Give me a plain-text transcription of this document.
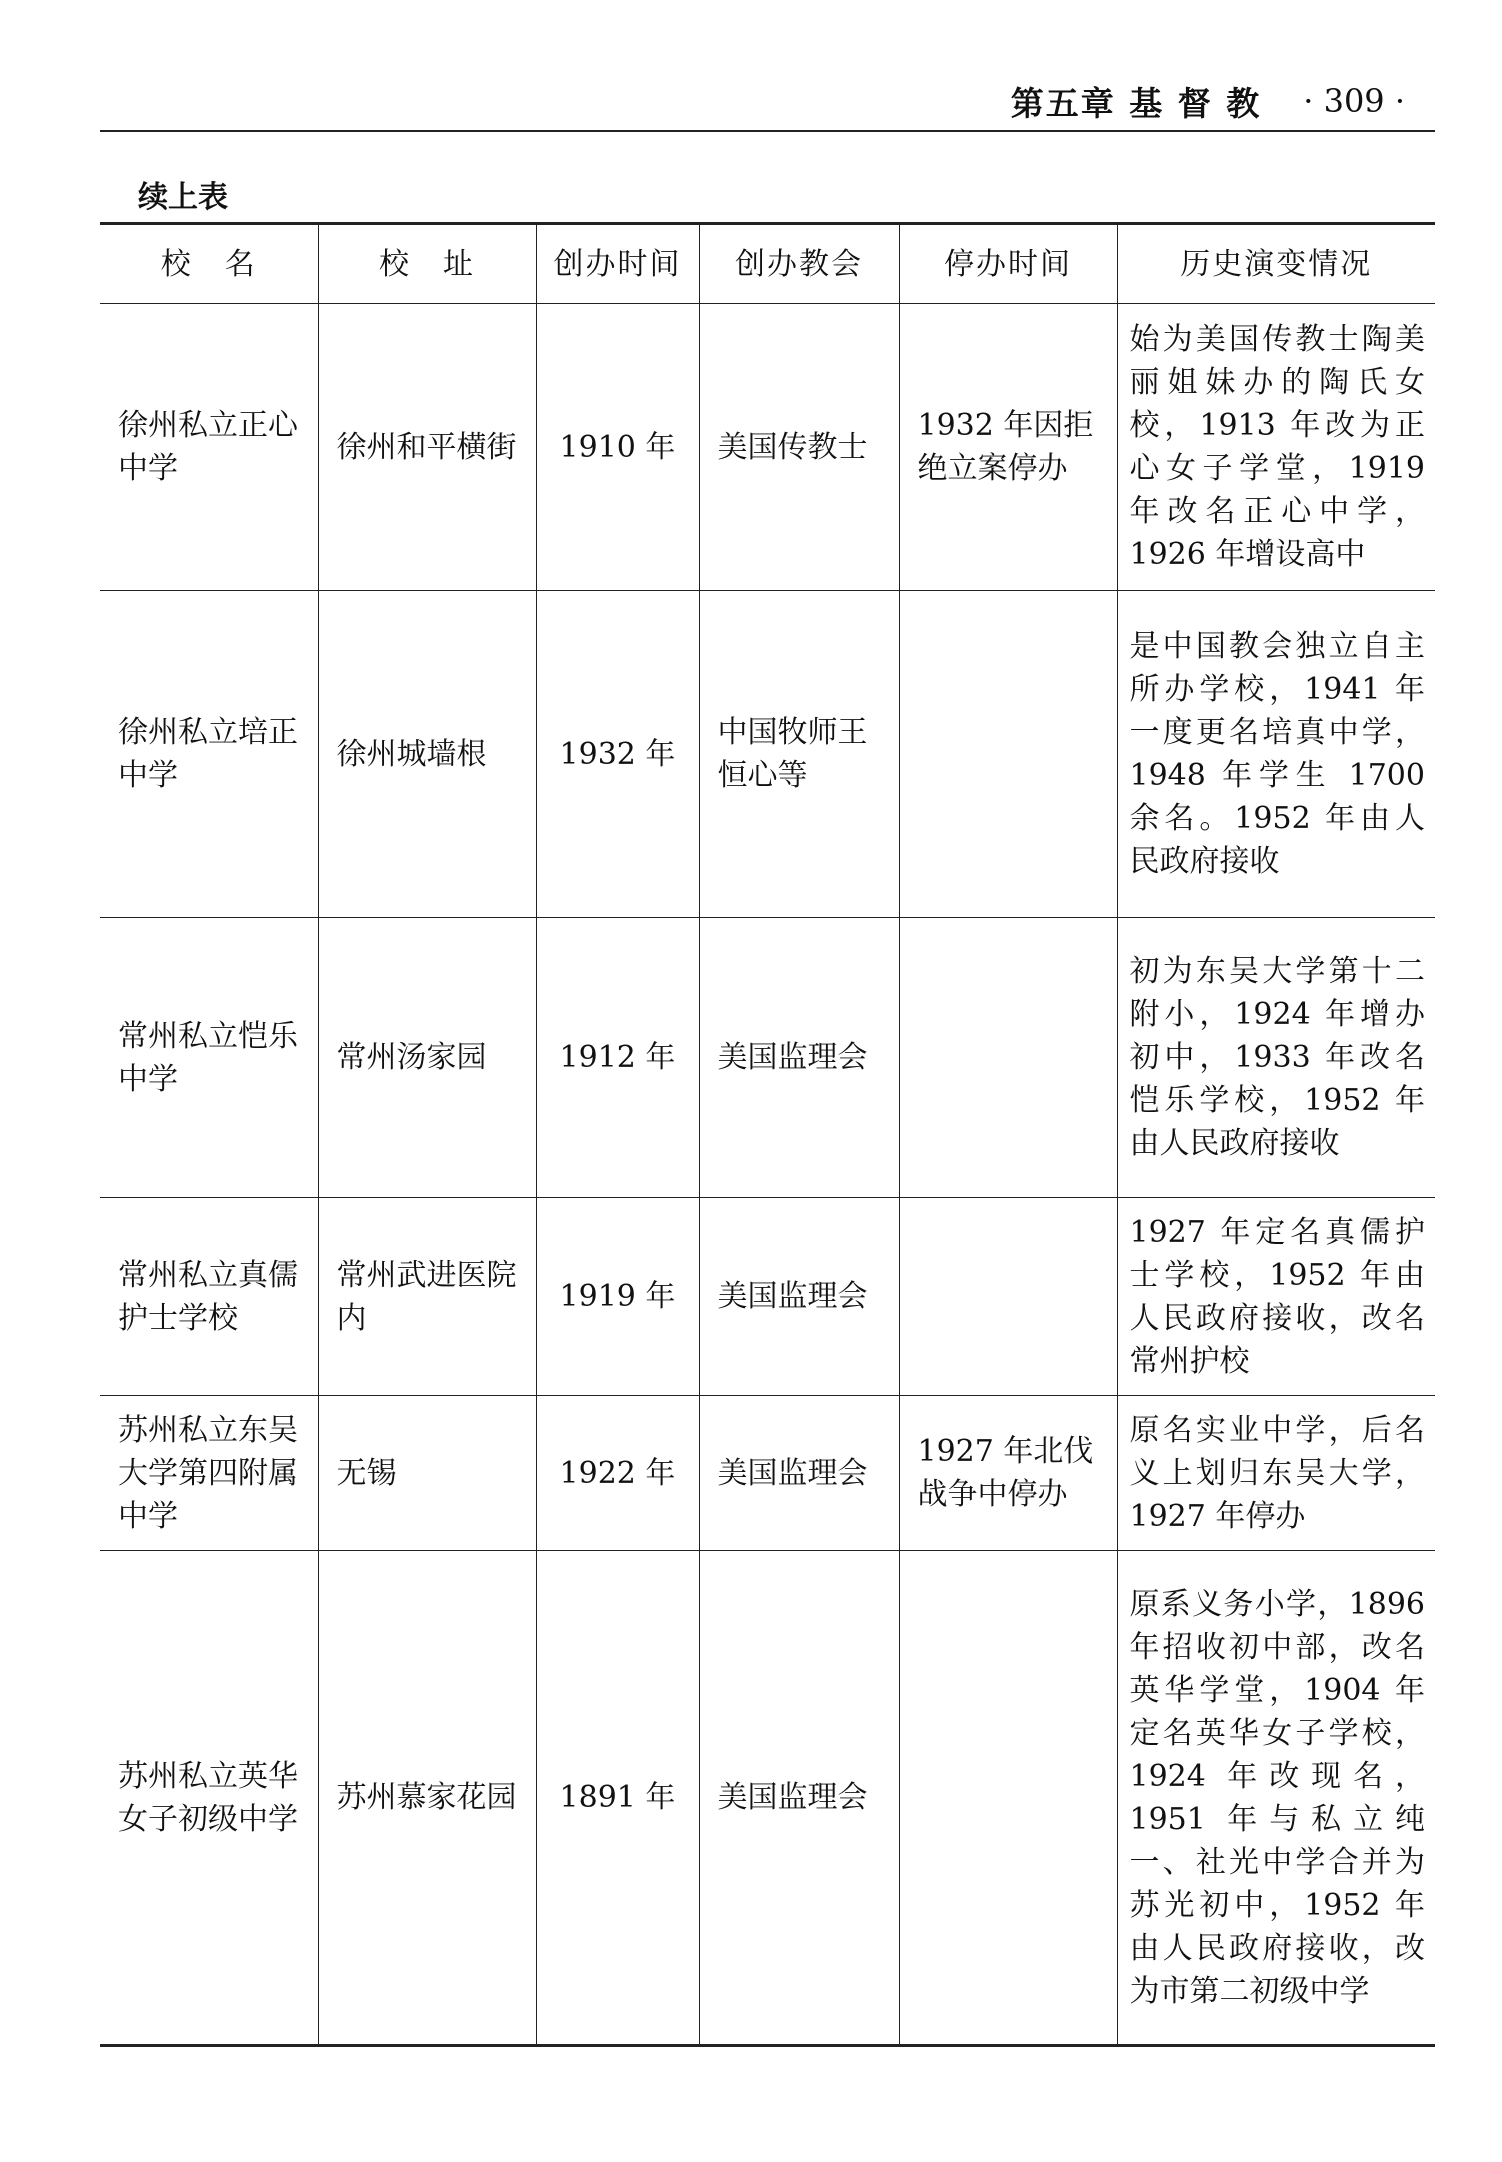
第五章 基 督 教 · 309 ·
续上表
校　名	校　址	创办时间	创办教会	停办时间	历史演变情况
徐州私立正心中学	徐州和平横街	1910 年	美国传教士	1932 年因拒绝立案停办	始为美国传教士陶美丽姐妹办的陶氏女校，1913 年改为正心女子学堂，1919 年改名正心中学，1926 年增设高中
徐州私立培正中学	徐州城墙根	1932 年	中国牧师王恒心等		是中国教会独立自主所办学校，1941 年一度更名培真中学，1948 年学生 1700 余名。1952 年由人民政府接收
常州私立恺乐中学	常州汤家园	1912 年	美国监理会		初为东吴大学第十二附小，1924 年增办初中，1933 年改名恺乐学校，1952 年由人民政府接收
常州私立真儒护士学校	常州武进医院内	1919 年	美国监理会		1927 年定名真儒护士学校，1952 年由人民政府接收，改名常州护校
苏州私立东吴大学第四附属中学	无锡	1922 年	美国监理会	1927 年北伐战争中停办	原名实业中学，后名义上划归东吴大学，1927 年停办
苏州私立英华女子初级中学	苏州慕家花园	1891 年	美国监理会		原系义务小学，1896 年招收初中部，改名英华学堂，1904 年定名英华女子学校，1924 年改现名，1951 年与私立纯一、社光中学合并为苏光初中，1952 年由人民政府接收，改为市第二初级中学
